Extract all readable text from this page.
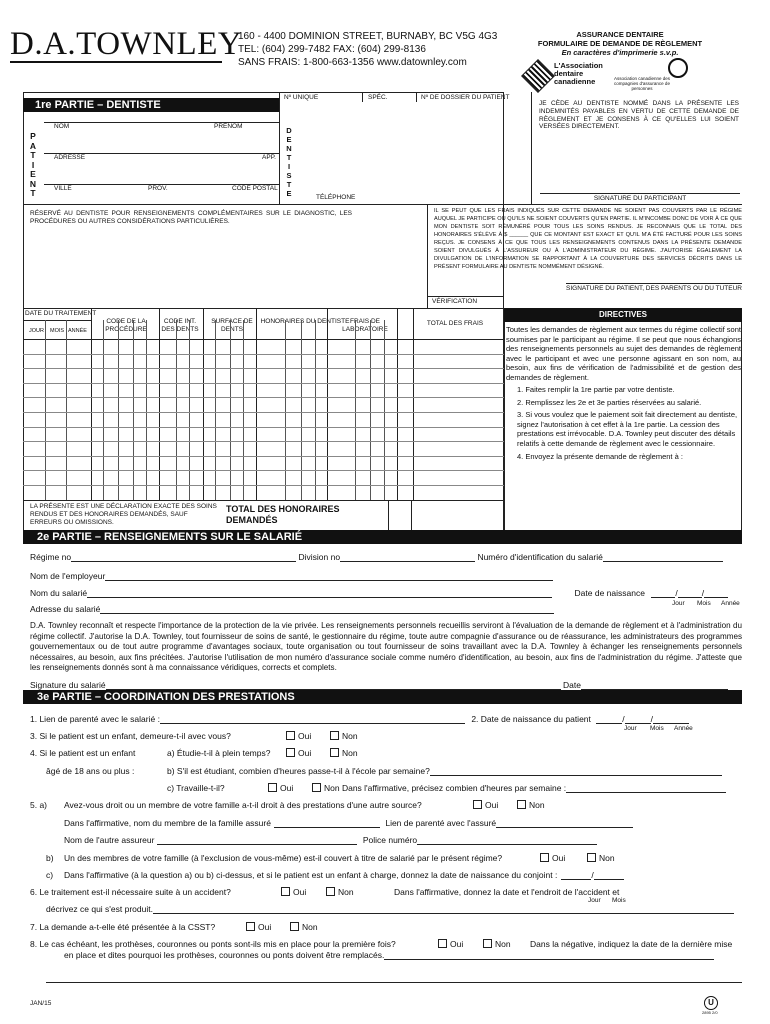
D.A.TOWNLEY
160 - 4400 DOMINION STREET, BURNABY, BC V5G 4G3
TEL: (604) 299-7482 FAX: (604) 299-8136
SANS FRAIS: 1-800-663-1356 www.datownley.com
ASSURANCE DENTAIRE
FORMULAIRE DE DEMANDE DE RÈGLEMENT
En caractères d'imprimerie s.v.p.
L'Association
dentaire
canadienne	Association canadienne des compagnies d'assurance de personnes
1re PARTIE – DENTISTE
Nº UNIQUE	SPÉC.	Nº DE DOSSIER DU PATIENT
P
A
T
I
E
N
T
NOM	PRÉNOM
ADRESSE	APP.
VILLE	PROV.	CODE POSTAL
D
E
N
T
I
S
T
E	TÉLÉPHONE
JE CÈDE AU DENTISTE NOMMÉ DANS LA PRÉSENTE LES INDEMNITÉS PAYABLES EN VERTU DE CETTE DEMANDE DE RÈGLEMENT ET JE CONSENS À CE QU'ELLES LUI SOIENT VERSÉES DIRECTEMENT.
SIGNATURE DU PARTICIPANT
RÉSERVÉ AU DENTISTE POUR RENSEIGNEMENTS COMPLÉMENTAIRES SUR LE DIAGNOSTIC, LES PROCÉDURES OU AUTRES CONSIDÉRATIONS PARTICULIÈRES.
IL SE PEUT QUE LES FRAIS INDIQUÉS SUR CETTE DEMANDE NE SOIENT PAS COUVERTS PAR LE RÉGIME AUQUEL JE PARTICIPE OU QU'ILS NE SOIENT COUVERTS QU'EN PARTIE. IL M'INCOMBE DONC DE VOIR À CE QUE MON DENTISTE SOIT RÉMUNÉRÉ POUR TOUS LES SOINS RENDUS. JE RECONNAIS QUE LE TOTAL DES HONORAIRES S'ÉLÈVE À $ ______ QUE CE MONTANT EST EXACT ET QU'IL M'A ÉTÉ FACTURÉ POUR LES SOINS REÇUS. JE CONSENS À CE QUE TOUS LES RENSEIGNEMENTS CONTENUS DANS LA PRÉSENTE DEMANDE SOIENT DIVULGUÉS À L'ASSUREUR OU À L'ADMINISTRATEUR DU RÉGIME. J'AUTORISE ÉGALEMENT LA DIVULGATION DE L'INFORMATION SE RAPPORTANT À LA COUVERTURE DES SERVICES DÉCRITS DANS LE PRÉSENT FORMULAIRE AU DENTISTE NOMMÉMENT DÉSIGNÉ.
SIGNATURE DU PATIENT, DES PARENTS OU DU TUTEUR
VÉRIFICATION
DATE DU TRAITEMENT
JOUR MOIS ANNÉE
CODE DE LA PROCÉDURE
CODE INT. DES DENTS
SURFACE DE DENTS
HONORAIRES DU DENTISTE FRAIS DE LABORATOIRE
TOTAL DES FRAIS
LA PRÉSENTE EST UNE DÉCLARATION EXACTE DES SOINS RENDUS ET DES HONORAIRES DEMANDÉS, SAUF ERREURS OU OMISSIONS.
TOTAL DES HONORAIRES DEMANDÉS
DIRECTIVES
Toutes les demandes de règlement aux termes du régime collectif sont soumises par le participant au régime. Il se peut que nous échangions des renseignements personnels au sujet des demandes de règlement avec le participant et avec une personne agissant en son nom, au besoin, aux fins de vérification de l'admissibilité et de gestion des demandes de règlement.
1. Faites remplir la 1re partie par votre dentiste.
2. Remplissez les 2e et 3e parties réservées au salarié.
3. Si vous voulez que le paiement soit fait directement au dentiste, signez l'autorisation à cet effet à la 1re partie. La cession des prestations est irrévocable. D.A. Townley peut discuter des détails relatifs à cette demande de règlement avec le cessionnaire.
4. Envoyez la présente demande de règlement à :
2e PARTIE – RENSEIGNEMENTS SUR LE SALARIÉ
Régime no	Division no	Numéro d'identification du salarié
Nom de l'employeur
Nom du salarié	Date de naissance	/	/
Jour Mois Année
Adresse du salarié
D.A. Townley reconnaît et respecte l'importance de la protection de la vie privée. Les renseignements personnels recueillis serviront à l'évaluation de la demande de règlement et à l'administration du régime collectif. J'autorise la D.A. Townley, tout fournisseur de soins de santé, le gestionnaire du régime, toute autre compagnie d'assurance ou de réassurance, les administrateurs des programmes gouvernementaux ou de tout autre programme d'avantages sociaux, toute organisation ou tout fournisseur de soins travaillant avec la D.A. Townley à échanger les renseignements personnels nécessaires, au besoin, aux fins précitées. J'autorise l'utilisation de mon numéro d'assurance sociale comme numéro d'identification, au besoin, aux fins de l'administration du régime. J'atteste que les renseignements donnés sont à ma connaissance véridiques, corrects et complets.
Signature du salarié	Date
3e PARTIE – COORDINATION DES PRESTATIONS
1. Lien de parenté avec le salarié :	2. Date de naissance du patient	/	/
Jour Mois Année
3. Si le patient est un enfant, demeure-t-il avec vous?	Oui	Non
4. Si le patient est un enfant	a) Étudie-t-il à plein temps?	Oui	Non
âgé de 18 ans ou plus :	b) S'il est étudiant, combien d'heures passe-t-il à l'école par semaine?
c) Travaille-t-il?	Oui	Non Dans l'affirmative, précisez combien d'heures par semaine :
5. a) Avez-vous droit ou un membre de votre famille a-t-il droit à des prestations d'une autre source?	Oui	Non
Dans l'affirmative, nom du membre de la famille assuré	Lien de parenté avec l'assuré
Nom de l'autre assureur	Police numéro
b) Un des membres de votre famille (à l'exclusion de vous-même) est-il couvert à titre de salarié par le présent régime?	Oui	Non
c) Dans l'affirmative (à la question a) ou b) ci-dessus, et si le patient est un enfant à charge, donnez la date de naissance du conjoint :	/
6. Le traitement est-il nécessaire suite à un accident?	Oui	Non	Dans l'affirmative, donnez la date et l'endroit de l'accident et
Jour Mois
décrivez ce qui s'est produit.
7. La demande a-t-elle été présentée à la CSST?	Oui	Non
8. Le cas échéant, les prothèses, couronnes ou ponts sont-ils mis en place pour la première fois?	Oui	Non Dans la négative, indiquez la date de la dernière mise
en place et dites pourquoi les prothèses, couronnes ou ponts doivent être remplacés.
JAN/15	U
2895 2/0
